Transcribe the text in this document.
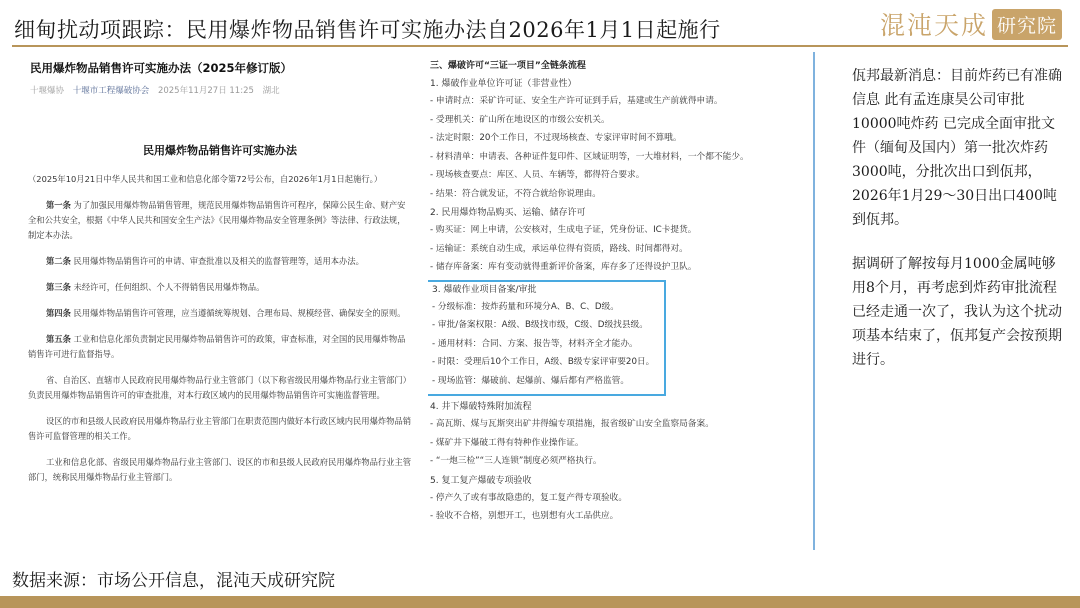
细甸扰动项跟踪：民用爆炸物品销售许可实施办法自2026年1月1日起施行	混沌天成 研究院
民用爆炸物品销售许可实施办法（2025年修订版）
十堰爆协 十堰市工程爆破协会 2025年11月27日 11:25 湖北
民用爆炸物品销售许可实施办法

（2025年10月21日中华人民共和国工业和信息化部令第72号公布，自2026年1月1日起施行。）

第一条 为了加强民用爆炸物品销售管理，规范民用爆炸物品销售许可程序，保障公民生命、财产安全和公共安全，根据《中华人民共和国安全生产法》《民用爆炸物品安全管理条例》等法律、行政法规，制定本办法。

第二条 民用爆炸物品销售许可的申请、审查批准以及相关的监督管理等，适用本办法。

第三条 未经许可，任何组织、个人不得销售民用爆炸物品。

第四条 民用爆炸物品销售许可管理，应当遵循统筹规划、合理布局、规模经营、确保安全的原则。

第五条 工业和信息化部负责制定民用爆炸物品销售许可的政策，审查标准，对全国的民用爆炸物品销售许可进行监督指导。

省、自治区、直辖市人民政府民用爆炸物品行业主管部门（以下称省级民用爆炸物品行业主管部门）负责民用爆炸物品销售许可的审查批准，对本行政区域内的民用爆炸物品销售许可实施监督管理。

设区的市和县级人民政府民用爆炸物品行业主管部门在职责范围内做好本行政区域内民用爆炸物品销售许可监督管理的相关工作。

工业和信息化部、省级民用爆炸物品行业主管部门、设区的市和县级人民政府民用爆炸物品行业主管部门，统称民用爆炸物品行业主管部门。

三、爆破许可“三证一项目”全链条流程
1. 爆破作业单位许可证（非营业性）
- 申请时点：采矿许可证、安全生产许可证到手后，基建或生产前就得申请。
- 受理机关：矿山所在地设区的市级公安机关。
- 法定时限：20个工作日，不过现场核查、专家评审时间不算哦。
- 材料清单：申请表、各种证件复印件、区域证明等，一大堆材料，一个都不能少。
- 现场核查要点：库区、人员、车辆等，都得符合要求。
- 结果：符合就发证，不符合就给你说理由。
2. 民用爆炸物品购买、运输、储存许可
- 购买证：网上申请，公安核对，生成电子证，凭身份证、IC卡提货。
- 运输证：系统自动生成，承运单位得有资质，路线、时间都得对。
- 储存库备案：库有变动就得重新评价备案，库存多了还得设护卫队。
3. 爆破作业项目备案/审批
- 分级标准：按炸药量和环境分A、B、C、D级。
- 审批/备案权限：A级、B级找市级，C级、D级找县级。
- 通用材料：合同、方案、报告等，材料齐全才能办。
- 时限：受理后10个工作日，A级、B级专家评审要20日。
- 现场监管：爆破前、起爆前、爆后都有严格监管。
4. 井下爆破特殊附加流程
- 高瓦斯、煤与瓦斯突出矿井得编专项措施，报省级矿山安全监察局备案。
- 煤矿井下爆破工得有特种作业操作证。
- “一炮三检”“三人连锁”制度必须严格执行。
5. 复工复产爆破专项验收
- 停产久了或有事故隐患的，复工复产得专项验收。
- 验收不合格，别想开工，也别想有火工品供应。

佤邦最新消息：目前炸药已有准确信息 此有孟连康昊公司审批10000吨炸药 已完成全面审批文件（缅甸及国内）第一批次炸药3000吨，分批次出口到佤邦，2026年1月29～30日出口400吨到佤邦。

据调研了解按每月1000金属吨够用8个月，再考虑到炸药审批流程已经走通一次了，我认为这个扰动项基本结束了，佤邦复产会按预期进行。

数据来源：市场公开信息，混沌天成研究院
